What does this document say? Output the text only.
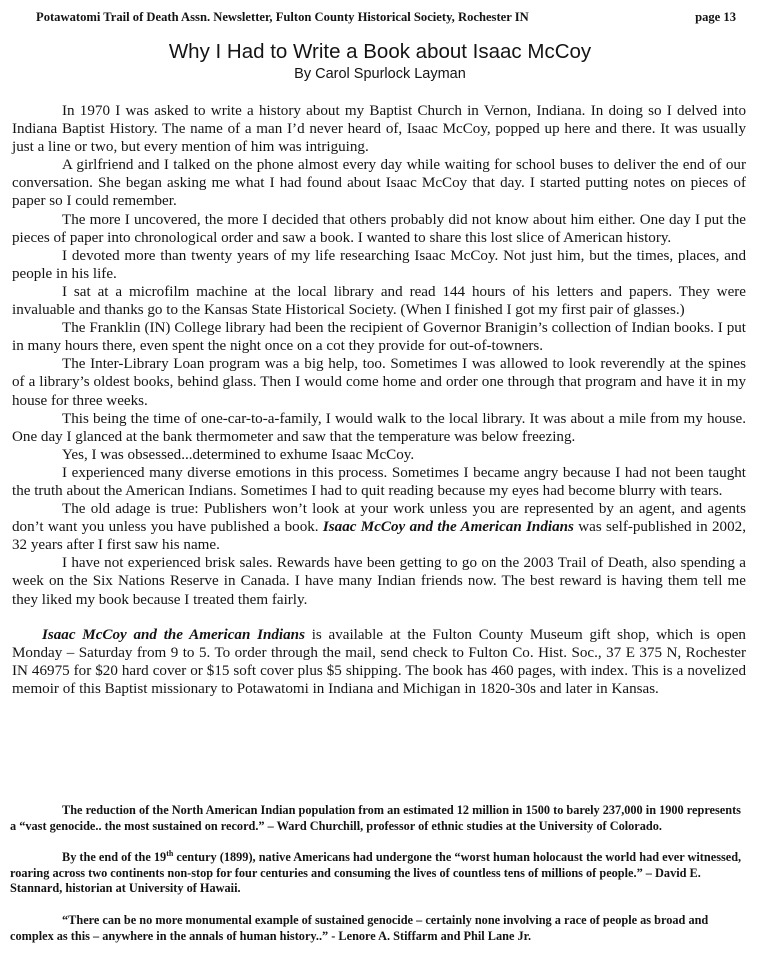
Potawatomi Trail of Death Assn. Newsletter, Fulton County Historical Society, Rochester IN	page 13
Why I Had to Write a Book about Isaac McCoy
By Carol Spurlock Layman

In 1970 I was asked to write a history about my Baptist Church in Vernon, Indiana. In doing so I delved into Indiana Baptist History. The name of a man I’d never heard of, Isaac McCoy, popped up here and there. It was usually just a line or two, but every mention of him was intriguing.

A girlfriend and I talked on the phone almost every day while waiting for school buses to deliver the end of our conversation. She began asking me what I had found about Isaac McCoy that day. I started putting notes on pieces of paper so I could remember.

The more I uncovered, the more I decided that others probably did not know about him either. One day I put the pieces of paper into chronological order and saw a book. I wanted to share this lost slice of American history.

I devoted more than twenty years of my life researching Isaac McCoy. Not just him, but the times, places, and people in his life.

I sat at a microfilm machine at the local library and read 144 hours of his letters and papers. They were invaluable and thanks go to the Kansas State Historical Society. (When I finished I got my first pair of glasses.)

The Franklin (IN) College library had been the recipient of Governor Branigin’s collection of Indian books. I put in many hours there, even spent the night once on a cot they provide for out-of-towners.

The Inter-Library Loan program was a big help, too. Sometimes I was allowed to look reverendly at the spines of a library’s oldest books, behind glass. Then I would come home and order one through that program and have it in my house for three weeks.

This being the time of one-car-to-a-family, I would walk to the local library. It was about a mile from my house. One day I glanced at the bank thermometer and saw that the temperature was below freezing.

Yes, I was obsessed...determined to exhume Isaac McCoy.

I experienced many diverse emotions in this process. Sometimes I became angry because I had not been taught the truth about the American Indians. Sometimes I had to quit reading because my eyes had become blurry with tears.

The old adage is true: Publishers won’t look at your work unless you are represented by an agent, and agents don’t want you unless you have published a book. Isaac McCoy and the American Indians was self-published in 2002, 32 years after I first saw his name.

I have not experienced brisk sales. Rewards have been getting to go on the 2003 Trail of Death, also spending a week on the Six Nations Reserve in Canada. I have many Indian friends now. The best reward is having them tell me they liked my book because I treated them fairly.

Isaac McCoy and the American Indians is available at the Fulton County Museum gift shop, which is open Monday – Saturday from 9 to 5. To order through the mail, send check to Fulton Co. Hist. Soc., 37 E 375 N, Rochester IN 46975 for $20 hard cover or $15 soft cover plus $5 shipping. The book has 460 pages, with index. This is a novelized memoir of this Baptist missionary to Potawatomi in Indiana and Michigan in 1820-30s and later in Kansas.

The reduction of the North American Indian population from an estimated 12 million in 1500 to barely 237,000 in 1900 represents a “vast genocide.. the most sustained on record.” – Ward Churchill, professor of ethnic studies at the University of Colorado.

By the end of the 19th century (1899), native Americans had undergone the “worst human holocaust the world had ever witnessed, roaring across two continents non-stop for four centuries and consuming the lives of countless tens of millions of people.” – David E. Stannard, historian at University of Hawaii.

“There can be no more monumental example of sustained genocide – certainly none involving a race of people as broad and complex as this – anywhere in the annals of human history..” - Lenore A. Stiffarm and Phil Lane Jr.
